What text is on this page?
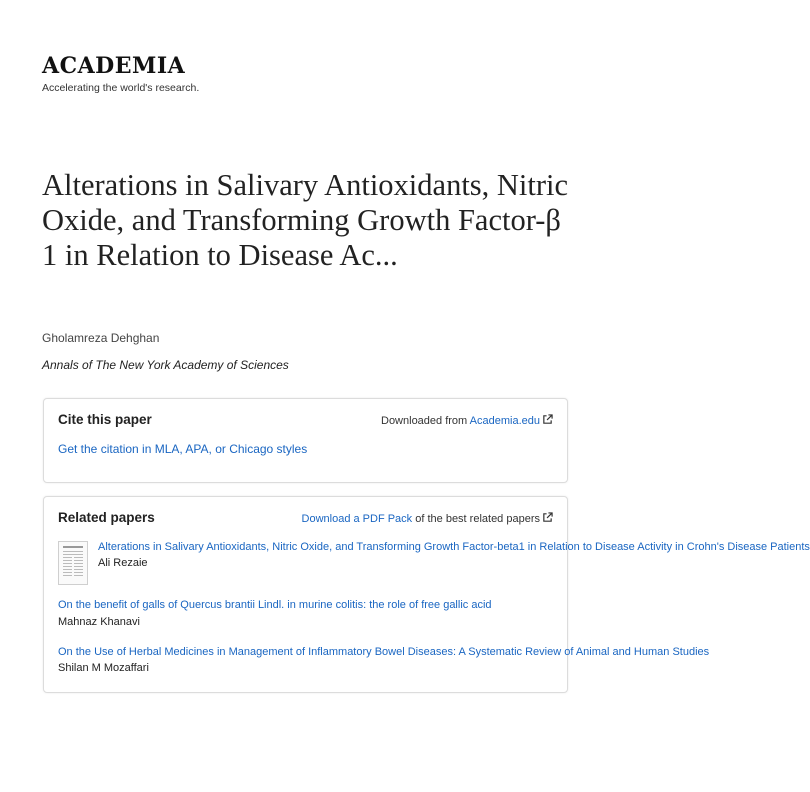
ACADEMIA
Accelerating the world's research.
Alterations in Salivary Antioxidants, Nitric Oxide, and Transforming Growth Factor-β 1 in Relation to Disease Ac...
Gholamreza Dehghan
Annals of The New York Academy of Sciences
Cite this paper	Downloaded from Academia.edu
Get the citation in MLA, APA, or Chicago styles
Related papers	Download a PDF Pack of the best related papers
Alterations in Salivary Antioxidants, Nitric Oxide, and Transforming Growth Factor-beta1 in Relation to Disease Activity in Crohn's Disease Patients
Ali Rezaie
On the benefit of galls of Quercus brantii Lindl. in murine colitis: the role of free gallic acid
Mahnaz Khanavi
On the Use of Herbal Medicines in Management of Inflammatory Bowel Diseases: A Systematic Review of Animal and Human Studies
Shilan M Mozaffari
